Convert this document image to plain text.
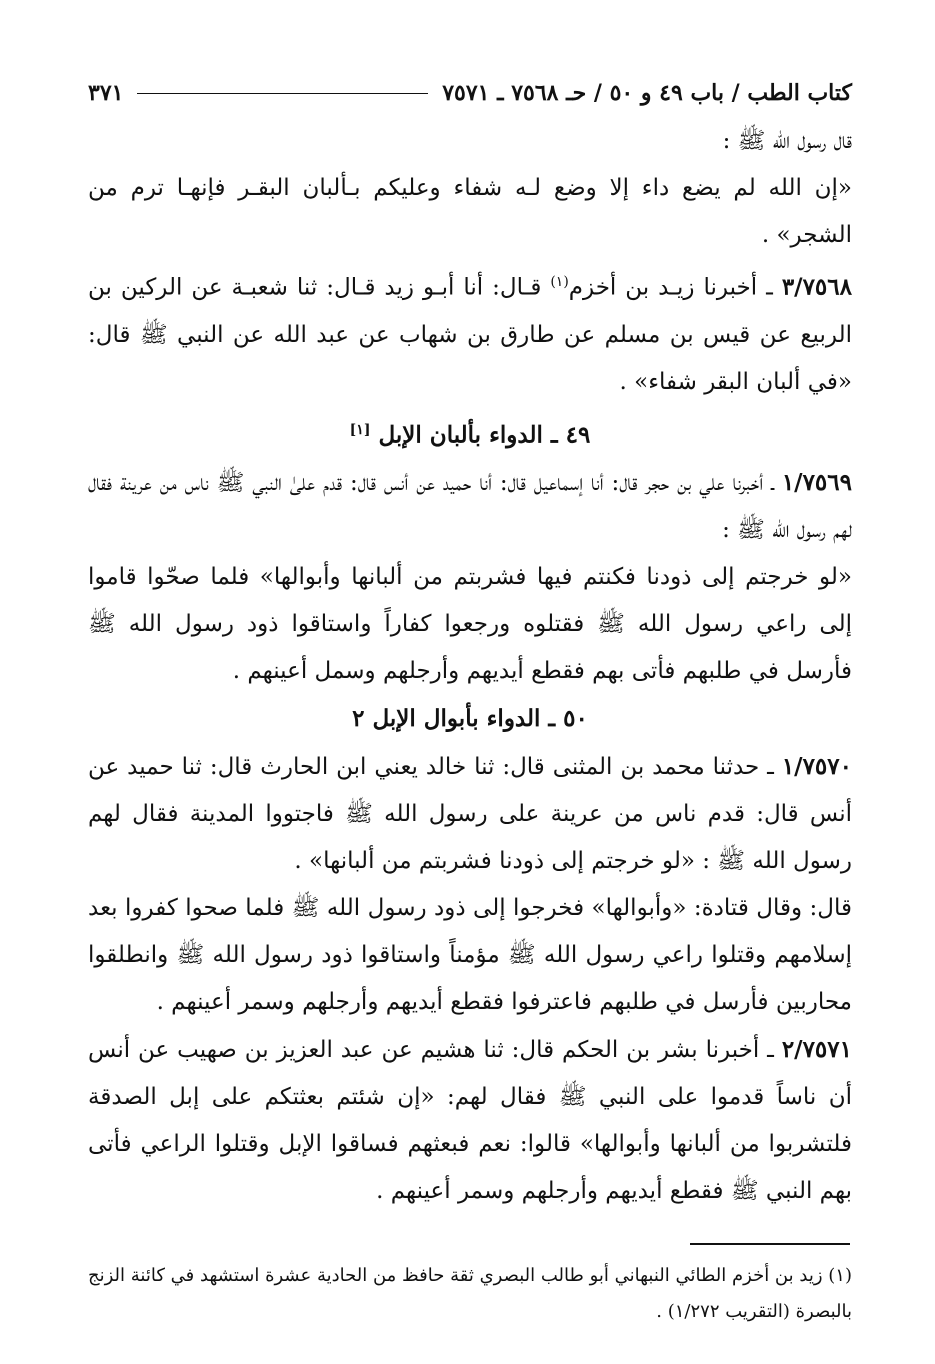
كتاب الطب / باب ٤٩ و ٥٠ / حـ ٧٥٦٨ ـ ٧٥٧١
٣٧١

قال رسول الله ﷺ :

«إن الله لم يضع داء إلا وضع لـه شفاء وعليكم بـألبان البقـر فإنهـا ترم من الشجر» .

٣/٧٥٦٨ ـ أخبرنا زيـد بن أخزم$^{(١)}$ قـال: أنا أبـو زيد قـال: ثنا شعبـة عن الركين بن الربيع عن قيس بن مسلم عن طارق بن شهاب عن عبد الله عن النبي ﷺ قال: «في ألبان البقر شفاء» .

٤٩ ـ الدواء بألبان الإبل [١]

١/٧٥٦٩ ـ أخبرنا علي بن حجر قال: أنا إسماعيل قال: أنا حميد عن أنس قال: قدم علىٰ النبي ﷺ ناس من عرينة فقال لهم رسول الله ﷺ :

«لو خرجتم إلى ذودنا فكنتم فيها فشربتم من ألبانها وأبوالها» فلما صحّوا قاموا إلى راعي رسول الله ﷺ فقتلوه ورجعوا كفاراً واستاقوا ذود رسول الله ﷺ فأرسل في طلبهم فأتى بهم فقطع أيديهم وأرجلهم وسمل أعينهم .

٥٠ ـ الدواء بأبوال الإبل ٢

١/٧٥٧٠ ـ حدثنا محمد بن المثنى قال: ثنا خالد يعني ابن الحارث قال: ثنا حميد عن أنس قال: قدم ناس من عرينة على رسول الله ﷺ فاجتووا المدينة فقال لهم رسول الله ﷺ : «لو خرجتم إلى ذودنا فشربتم من ألبانها» .

قال: وقال قتادة: «وأبوالها» فخرجوا إلى ذود رسول الله ﷺ فلما صحوا كفروا بعد إسلامهم وقتلوا راعي رسول الله ﷺ مؤمناً واستاقوا ذود رسول الله ﷺ وانطلقوا محاربين فأرسل في طلبهم فاعترفوا فقطع أيديهم وأرجلهم وسمر أعينهم .

٢/٧٥٧١ ـ أخبرنا بشر بن الحكم قال: ثنا هشيم عن عبد العزيز بن صهيب عن أنس أن ناساً قدموا على النبي ﷺ فقال لهم: «إن شئتم بعثتكم على إبل الصدقة فلتشربوا من ألبانها وأبوالها» قالوا: نعم فبعثهم فساقوا الإبل وقتلوا الراعي فأتى بهم النبي ﷺ فقطع أيديهم وأرجلهم وسمر أعينهم .

(١) زيد بن أخزم الطائي النبهاني أبو طالب البصري ثقة حافظ من الحادية عشرة استشهد في كائنة الزنج بالبصرة (التقريب ١/٢٧٢) .
